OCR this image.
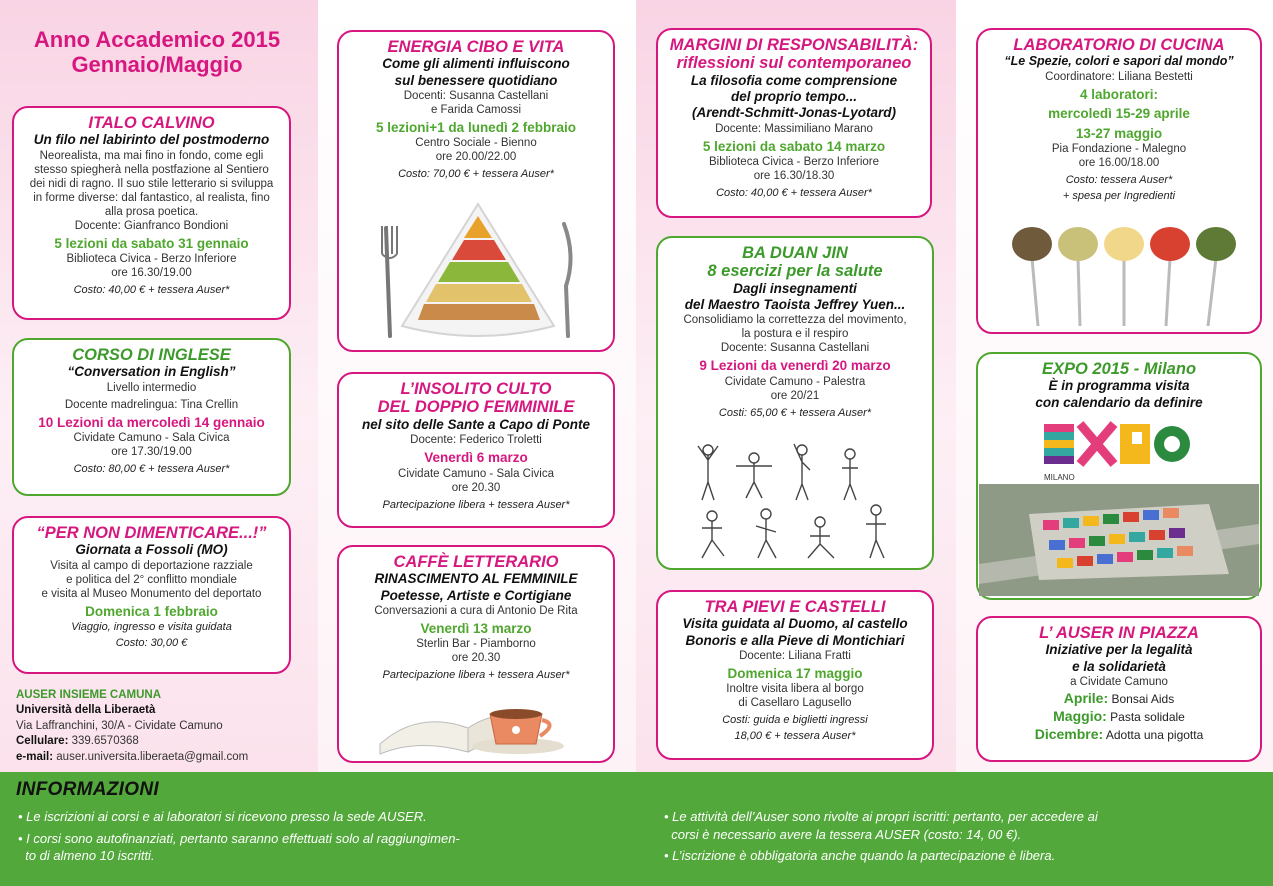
Anno Accademico 2015
Gennaio/Maggio
ITALO CALVINO
Un filo nel labirinto del postmoderno
Neorealista, ma mai fino in fondo, come egli
stesso spiegherà nella postfazione al Sentiero
dei nidi di ragno. Il suo stile letterario si sviluppa
in forme diverse: dal fantastico, al realista, fino
alla prosa poetica.
Docente: Gianfranco Bondioni
5 lezioni da sabato 31 gennaio
Biblioteca Civica - Berzo Inferiore
ore 16.30/19.00
Costo: 40,00 € + tessera Auser*
CORSO DI INGLESE
“Conversation in English”
Livello intermedio
Docente madrelingua: Tina Crellin
10 Lezioni da mercoledì 14 gennaio
Cividate Camuno - Sala Civica
ore 17.30/19.00
Costo: 80,00 € + tessera Auser*
“PER NON DIMENTICARE...!”
Giornata a Fossoli (MO)
Visita al campo di deportazione razziale
e politica del 2° conflitto mondiale
e visita al Museo Monumento del deportato
Domenica 1 febbraio
Viaggio, ingresso e visita guidata
Costo: 30,00 €
AUSER INSIEME CAMUNA
Università della Liberaetà
Via Laffranchini, 30/A - Cividate Camuno
Cellulare: 339.6570368
e-mail: auser.universita.liberaeta@gmail.com
ENERGIA CIBO E VITA
Come gli alimenti influiscono
sul benessere quotidiano
Docenti: Susanna Castellani
e Farida Camossi
5 lezioni+1 da lunedì 2 febbraio
Centro Sociale - Bienno
ore 20.00/22.00
Costo: 70,00 € + tessera Auser*
L’INSOLITO CULTO
DEL DOPPIO FEMMINILE
nel sito delle Sante a Capo di Ponte
Docente: Federico Troletti
Venerdì 6 marzo
Cividate Camuno - Sala Civica
ore 20.30
Partecipazione libera + tessera Auser*
CAFFÈ LETTERARIO
RINASCIMENTO AL FEMMINILE
Poetesse, Artiste e Cortigiane
Conversazioni a cura di Antonio De Rita
Venerdì 13 marzo
Sterlin Bar - Piamborno
ore 20.30
Partecipazione libera + tessera Auser*
MARGINI DI RESPONSABILITÀ:
riflessioni sul contemporaneo
La filosofia come comprensione
del proprio tempo...
(Arendt-Schmitt-Jonas-Lyotard)
Docente: Massimiliano Marano
5 lezioni da sabato 14 marzo
Biblioteca Civica - Berzo Inferiore
ore 16.30/18.30
Costo: 40,00 € + tessera Auser*
BA DUAN JIN
8 esercizi per la salute
Dagli insegnamenti
del Maestro Taoista Jeffrey Yuen...
Consolidiamo la correttezza del movimento,
la postura e il respiro
Docente: Susanna Castellani
9 Lezioni da venerdì 20 marzo
Cividate Camuno - Palestra
ore 20/21
Costi: 65,00 € + tessera Auser*
TRA PIEVI E CASTELLI
Visita guidata al Duomo, al castello
Bonoris e alla Pieve di Montichiari
Docente: Liliana Fratti
Domenica 17 maggio
Inoltre visita libera al borgo
di Casellaro Lagusello
Costi: guida e biglietti ingressi
18,00 € + tessera Auser*
LABORATORIO DI CUCINA
“Le Spezie, colori e sapori dal mondo”
Coordinatore: Liliana Bestetti
4 laboratori:
mercoledì 15-29 aprile
13-27 maggio
Pia Fondazione - Malegno
ore 16.00/18.00
Costo: tessera Auser*
+ spesa per Ingredienti
EXPO 2015 - Milano
È in programma visita
con calendario da definire
MILANO
L’ AUSER IN PIAZZA
Iniziative per la legalità
e la solidarietà
a Cividate Camuno
Aprile: Bonsai Aids
Maggio: Pasta solidale
Dicembre: Adotta una pigotta
INFORMAZIONI

• Le iscrizioni ai corsi e ai laboratori si ricevono presso la sede AUSER.

• I corsi sono autofinanziati, pertanto saranno effettuati solo al raggiungimen-

to di almeno 10 iscritti.

• Le attività dell’Auser sono rivolte ai propri iscritti: pertanto, per accedere ai

corsi è necessario avere la tessera AUSER (costo: 14, 00 €).

• L’iscrizione è obbligatoria anche quando la partecipazione è libera.
